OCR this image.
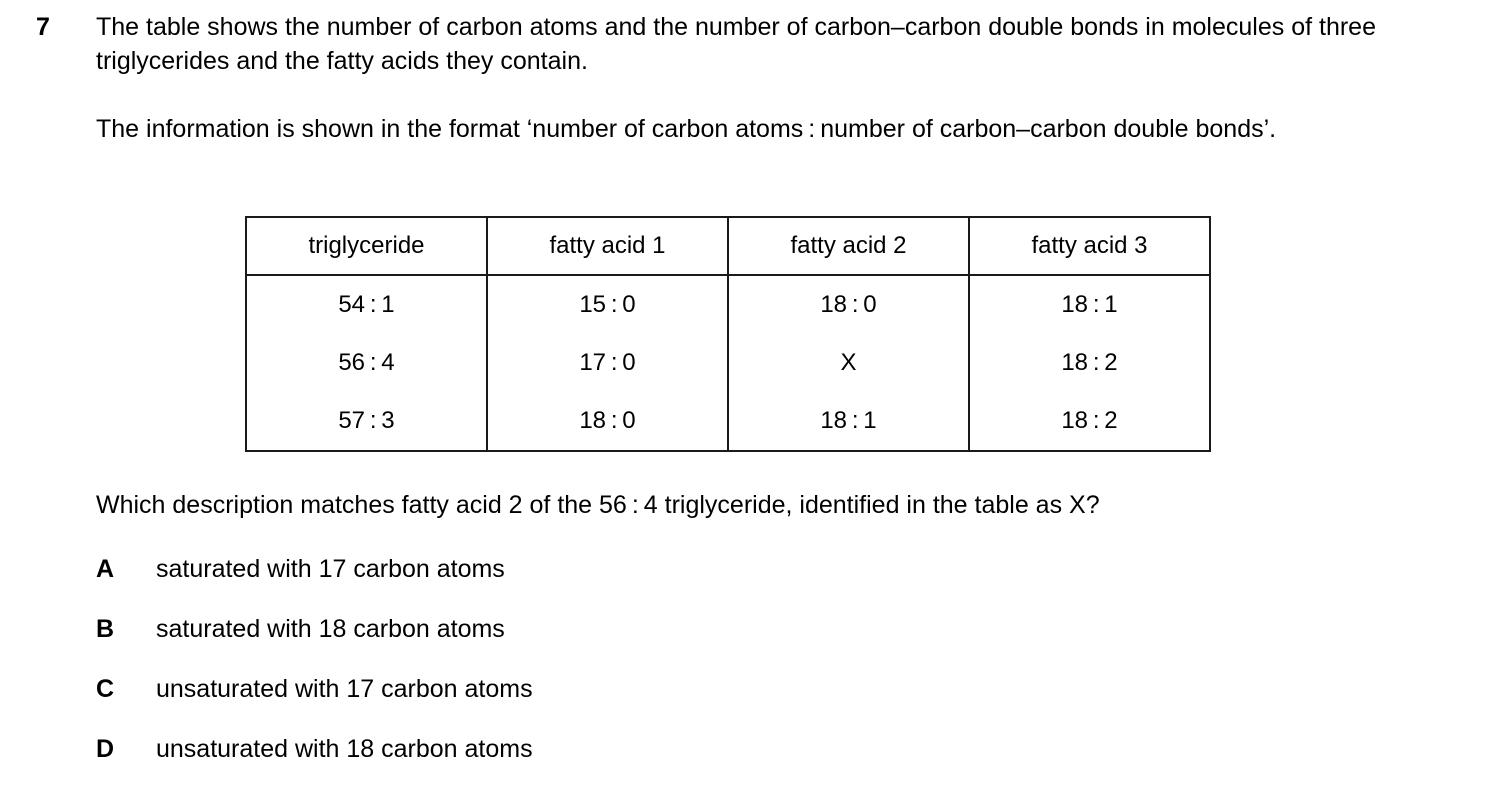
7 The table shows the number of carbon atoms and the number of carbon–carbon double bonds in molecules of three triglycerides and the fatty acids they contain.

The information is shown in the format ‘number of carbon atoms : number of carbon–carbon double bonds’.

triglyceride	fatty acid 1	fatty acid 2	fatty acid 3
54 : 1	15 : 0	18 : 0	18 : 1
56 : 4	17 : 0	X	18 : 2
57 : 3	18 : 0	18 : 1	18 : 2
Which description matches fatty acid 2 of the 56 : 4 triglyceride, identified in the table as X?
A	saturated with 17 carbon atoms
B	saturated with 18 carbon atoms
C	unsaturated with 17 carbon atoms
D	unsaturated with 18 carbon atoms
